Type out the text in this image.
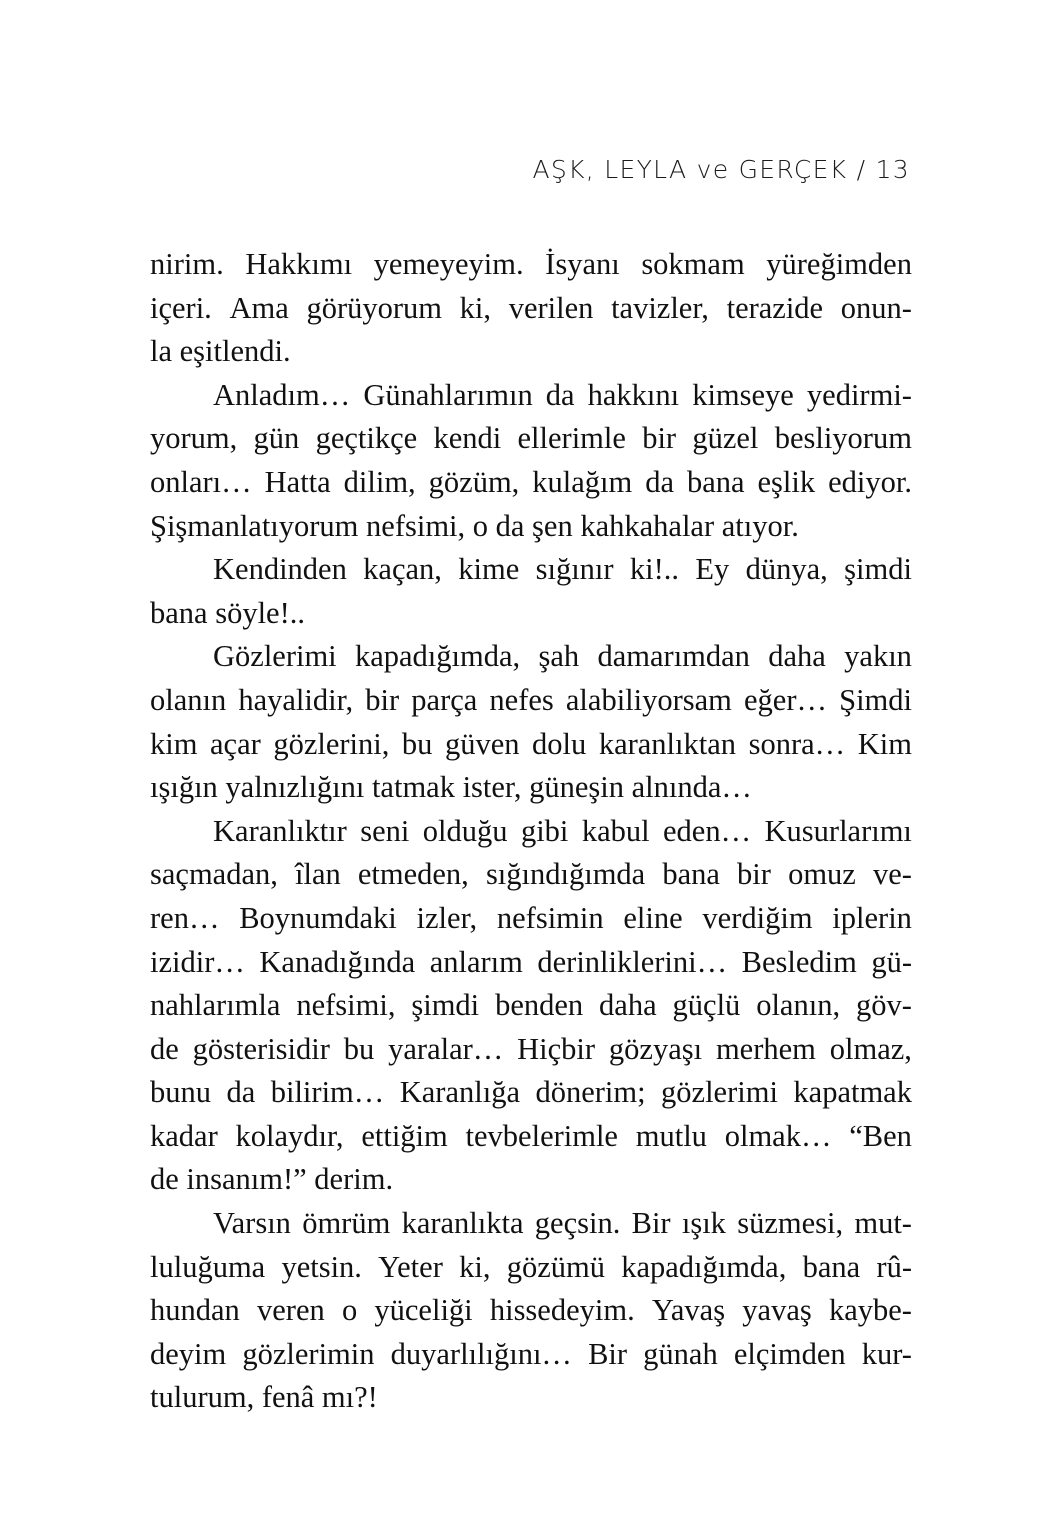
AŞK, LEYLA ve GERÇEK / 13

nirim. Hakkımı yemeyeyim. İsyanı sokmam yüreğimden
içeri. Ama görüyorum ki, verilen tavizler, terazide onun-
la eşitlendi.

Anladım… Günahlarımın da hakkını kimseye yedirmi-
yorum, gün geçtikçe kendi ellerimle bir güzel besliyorum
onları… Hatta dilim, gözüm, kulağım da bana eşlik ediyor.
Şişmanlatıyorum nefsimi, o da şen kahkahalar atıyor.

Kendinden kaçan, kime sığınır ki!.. Ey dünya, şimdi
bana söyle!..

Gözlerimi kapadığımda, şah damarımdan daha yakın
olanın hayalidir, bir parça nefes alabiliyorsam eğer… Şimdi
kim açar gözlerini, bu güven dolu karanlıktan sonra… Kim
ışığın yalnızlığını tatmak ister, güneşin alnında…

Karanlıktır seni olduğu gibi kabul eden… Kusurlarımı
saçmadan, îlan etmeden, sığındığımda bana bir omuz ve-
ren… Boynumdaki izler, nefsimin eline verdiğim iplerin
izidir… Kanadığında anlarım derinliklerini… Besledim gü-
nahlarımla nefsimi, şimdi benden daha güçlü olanın, göv-
de gösterisidir bu yaralar… Hiçbir gözyaşı merhem olmaz,
bunu da bilirim… Karanlığa dönerim; gözlerimi kapatmak
kadar kolaydır, ettiğim tevbelerimle mutlu olmak… “Ben
de insanım!” derim.

Varsın ömrüm karanlıkta geçsin. Bir ışık süzmesi, mut-
luluğuma yetsin. Yeter ki, gözümü kapadığımda, bana rû-
hundan veren o yüceliği hissedeyim. Yavaş yavaş kaybe-
deyim gözlerimin duyarlılığını… Bir günah elçimden kur-
tulurum, fenâ mı?!
